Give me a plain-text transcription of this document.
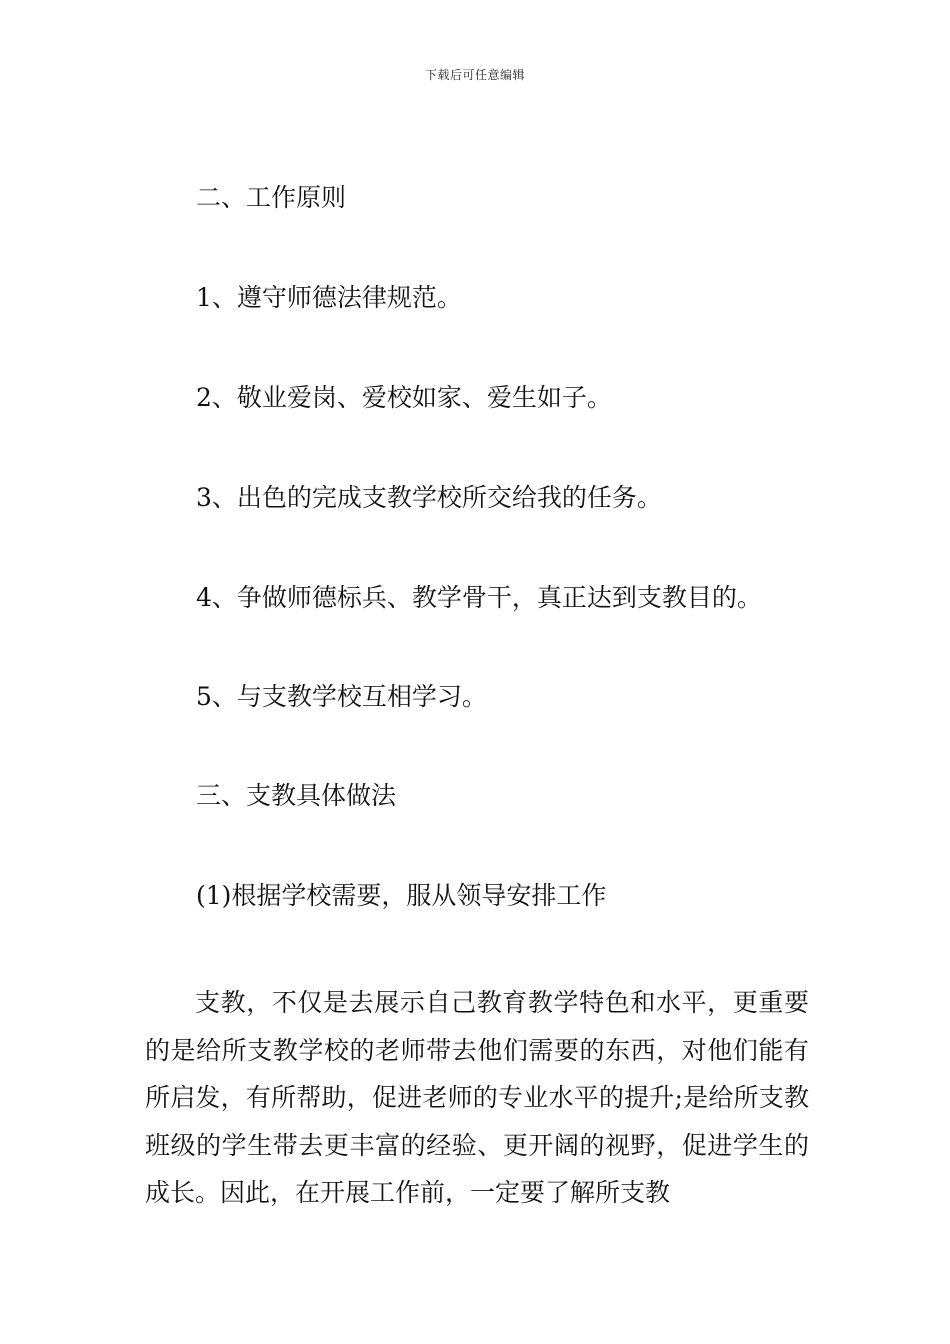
下载后可任意编辑
二、工作原则
1、遵守师德法律规范。
2、敬业爱岗、爱校如家、爱生如子。
3、出色的完成支教学校所交给我的任务。
4、争做师德标兵、教学骨干，真正达到支教目的。
5、与支教学校互相学习。
三、支教具体做法
(1)根据学校需要，服从领导安排工作
支教，不仅是去展示自己教育教学特色和水平，更重要的是给所支教学校的老师带去他们需要的东西，对他们能有所启发，有所帮助，促进老师的专业水平的提升;是给所支教班级的学生带去更丰富的经验、更开阔的视野，促进学生的成长。因此，在开展工作前，一定要了解所支教
